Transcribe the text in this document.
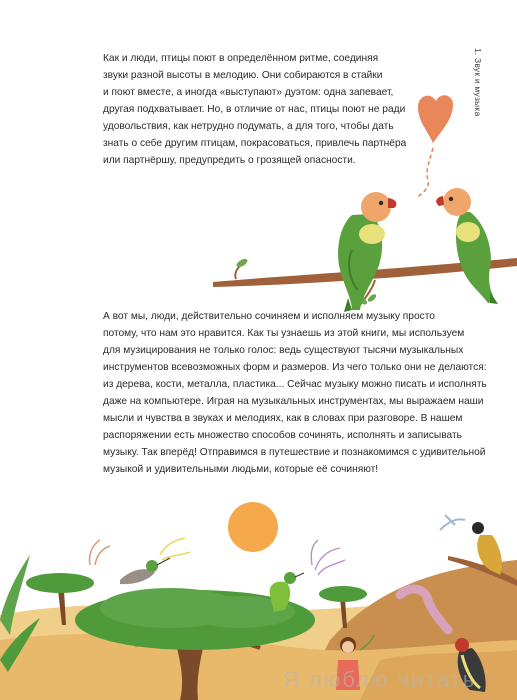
1. Звук и музыка
Как и люди, птицы поют в определённом ритме, соединяя
звуки разной высоты в мелодию. Они собираются в стайки
и поют вместе, а иногда «выступают» дуэтом: одна запевает,
другая подхватывает. Но, в отличие от нас, птицы поют не ради
удовольствия, как нетрудно подумать, а для того, чтобы дать
знать о себе другим птицам, покрасоваться, привлечь партнёра
или партнёршу, предупредить о грозящей опасности.
А вот мы, люди, действительно сочиняем и исполняем музыку просто
потому, что нам это нравится. Как ты узнаешь из этой книги, мы используем
для музицирования не только голос: ведь существуют тысячи музыкальных
инструментов всевозможных форм и размеров. Из чего только они не делаются:
из дерева, кости, металла, пластика... Сейчас музыку можно писать и исполнять
даже на компьютере. Играя на музыкальных инструментах, мы выражаем наши
мысли и чувства в звуках и мелодиях, как в словах при разговоре. В нашем
распоряжении есть множество способов сочинять, исполнять и записывать
музыку. Так вперёд! Отправимся в путешествие и познакомимся с удивительной
музыкой и удивительными людьми, которые её сочиняют!
Я люблю читать
